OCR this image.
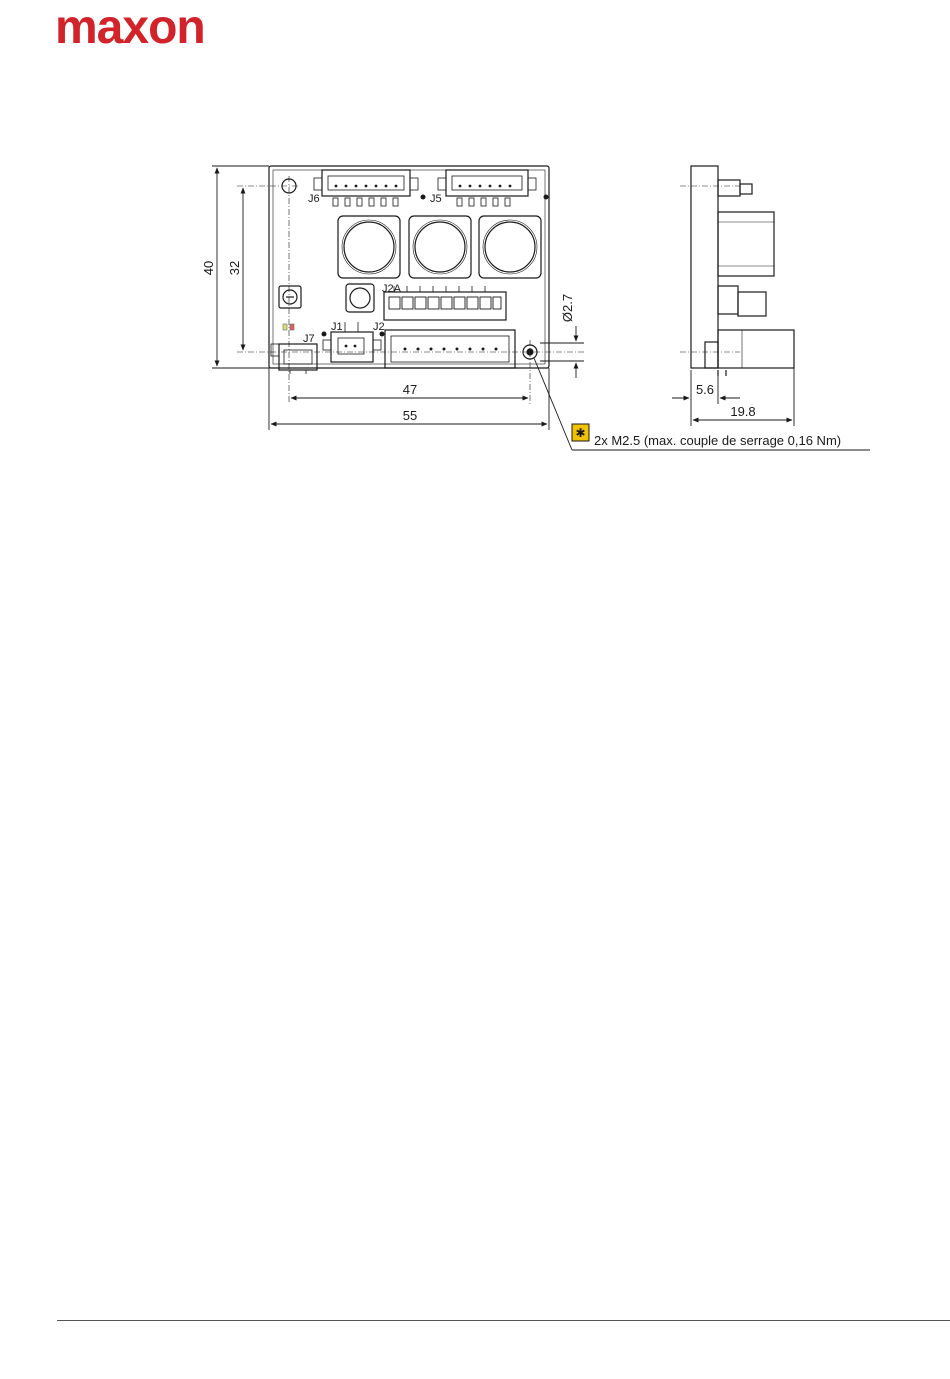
maxon
J6	J5
J2A
J1	J2
J7
40 32
Ø2.7
47
55
5.6
19.8
✱ 2x M2.5 (max. couple de serrage 0,16 Nm)
